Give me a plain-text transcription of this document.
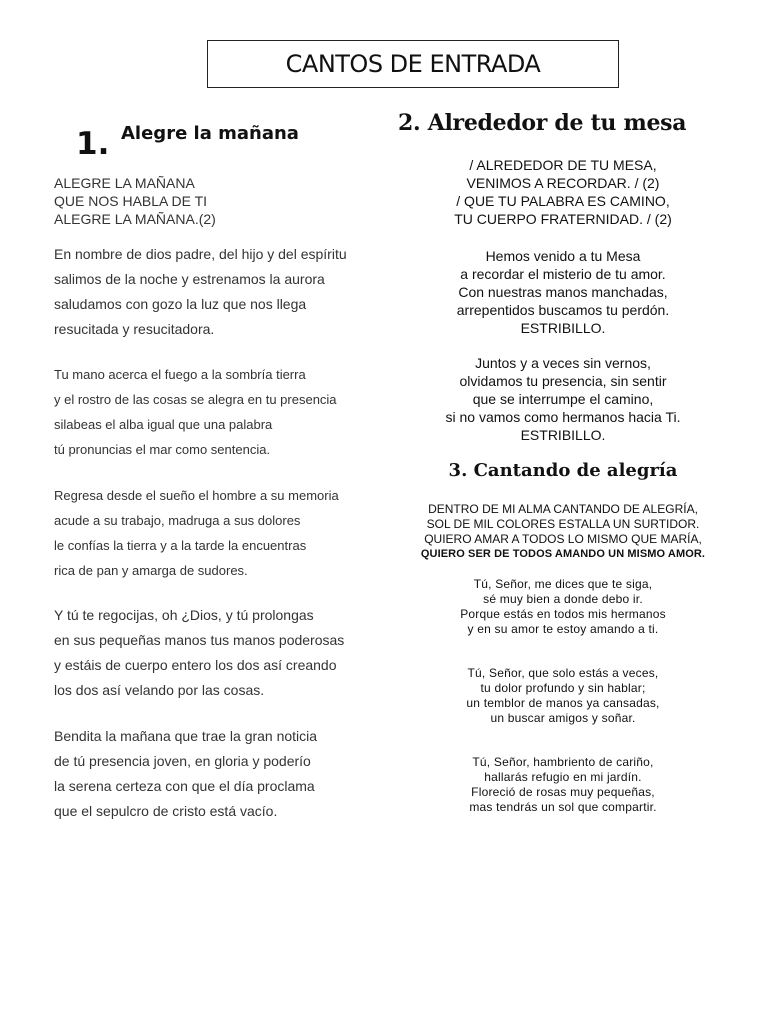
CANTOS DE ENTRADA
1. Alegre la mañana
ALEGRE LA MAÑANA
QUE NOS HABLA DE TI
ALEGRE LA MAÑANA.(2)
En nombre de dios padre, del hijo y del espíritu
salimos de la noche y estrenamos la aurora
saludamos con gozo la luz que nos llega
resucitada y resucitadora.
Tu mano acerca el fuego a la sombría tierra
y el rostro de las cosas se alegra en tu presencia
silabeas el alba igual que una palabra
tú pronuncias el mar como sentencia.
Regresa desde el sueño el hombre a su memoria
acude a su trabajo, madruga a sus dolores
le confías la tierra y a la tarde la encuentras
rica de pan y amarga de sudores.
Y tú te regocijas, oh ¿Dios, y tú prolongas
en sus pequeñas manos tus manos poderosas
y estáis de cuerpo entero los dos así creando
los dos así velando por las cosas.
Bendita la mañana que trae la gran noticia
de tú presencia joven, en gloria y poderío
la serena certeza con que el día proclama
que el sepulcro de cristo está vacío.
2. Alrededor de tu mesa
/ ALREDEDOR DE TU MESA,
VENIMOS A RECORDAR. / (2)
/ QUE TU PALABRA ES CAMINO,
TU CUERPO FRATERNIDAD. / (2)
Hemos venido a tu Mesa
a recordar el misterio de tu amor.
Con nuestras manos manchadas,
arrepentidos buscamos tu perdón.
ESTRIBILLO.
Juntos y a veces sin vernos,
olvidamos tu presencia, sin sentir
que se interrumpe el camino,
si no vamos como hermanos hacia Ti.
ESTRIBILLO.
3. Cantando de alegría
DENTRO DE MI ALMA CANTANDO DE ALEGRÍA,
SOL DE MIL COLORES ESTALLA UN SURTIDOR.
QUIERO AMAR A TODOS LO MISMO QUE MARÍA,
QUIERO SER DE TODOS AMANDO UN MISMO AMOR.
Tú, Señor, me dices que te siga,
sé muy bien a donde debo ir.
Porque estás en todos mis hermanos
y en su amor te estoy amando a ti.
Tú, Señor, que solo estás a veces,
tu dolor profundo y sin hablar;
un temblor de manos ya cansadas,
un buscar amigos y soñar.
Tú, Señor, hambriento de cariño,
hallarás refugio en mi jardín.
Floreció de rosas muy pequeñas,
mas tendrás un sol que compartir.
